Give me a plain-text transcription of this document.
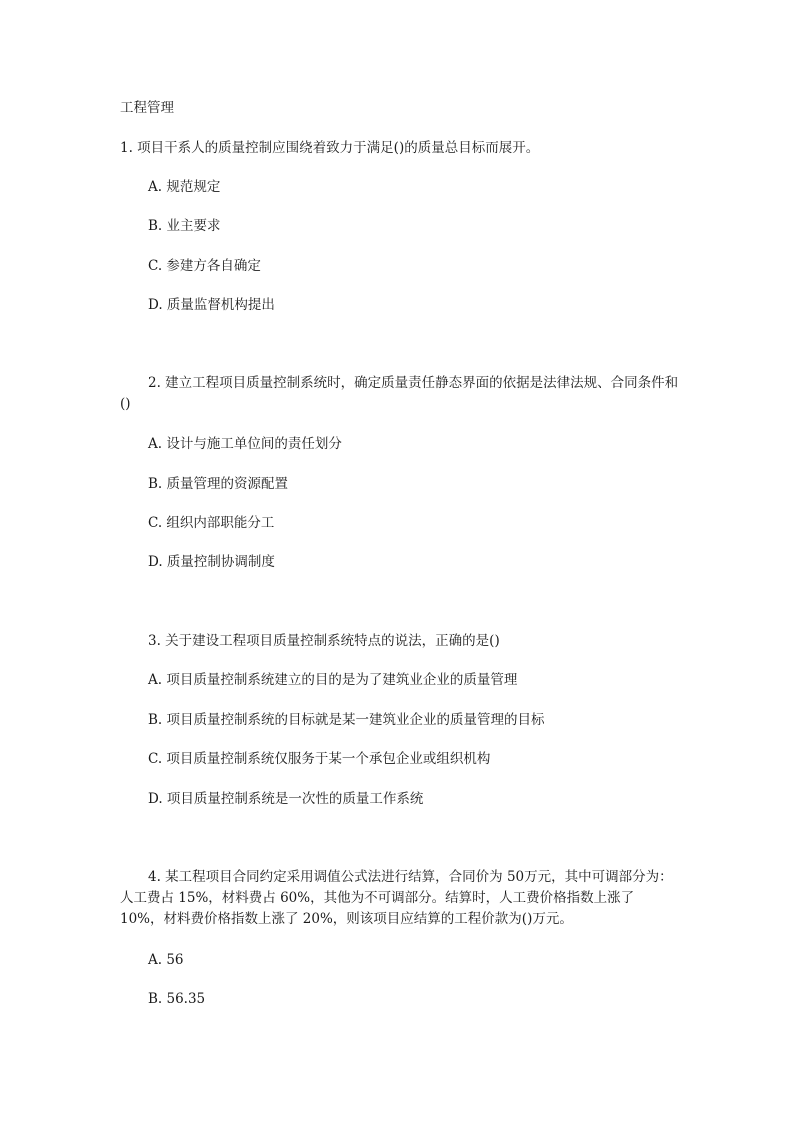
工程管理
1. 项目干系人的质量控制应围绕着致力于满足()的质量总目标而展开。
A. 规范规定
B. 业主要求
C. 参建方各自确定
D. 质量监督机构提出
2. 建立工程项目质量控制系统时，确定质量责任静态界面的依据是法律法规、合同条件和()
A. 设计与施工单位间的责任划分
B. 质量管理的资源配置
C. 组织内部职能分工
D. 质量控制协调制度
3. 关于建设工程项目质量控制系统特点的说法，正确的是()
A. 项目质量控制系统建立的目的是为了建筑业企业的质量管理
B. 项目质量控制系统的目标就是某一建筑业企业的质量管理的目标
C. 项目质量控制系统仅服务于某一个承包企业或组织机构
D. 项目质量控制系统是一次性的质量工作系统
4. 某工程项目合同约定采用调值公式法进行结算，合同价为 50万元，其中可调部分为：人工费占 15%，材料费占 60%，其他为不可调部分。结算时，人工费价格指数上涨了 10%，材料费价格指数上涨了 20%，则该项目应结算的工程价款为()万元。
A. 56
B. 56.35
